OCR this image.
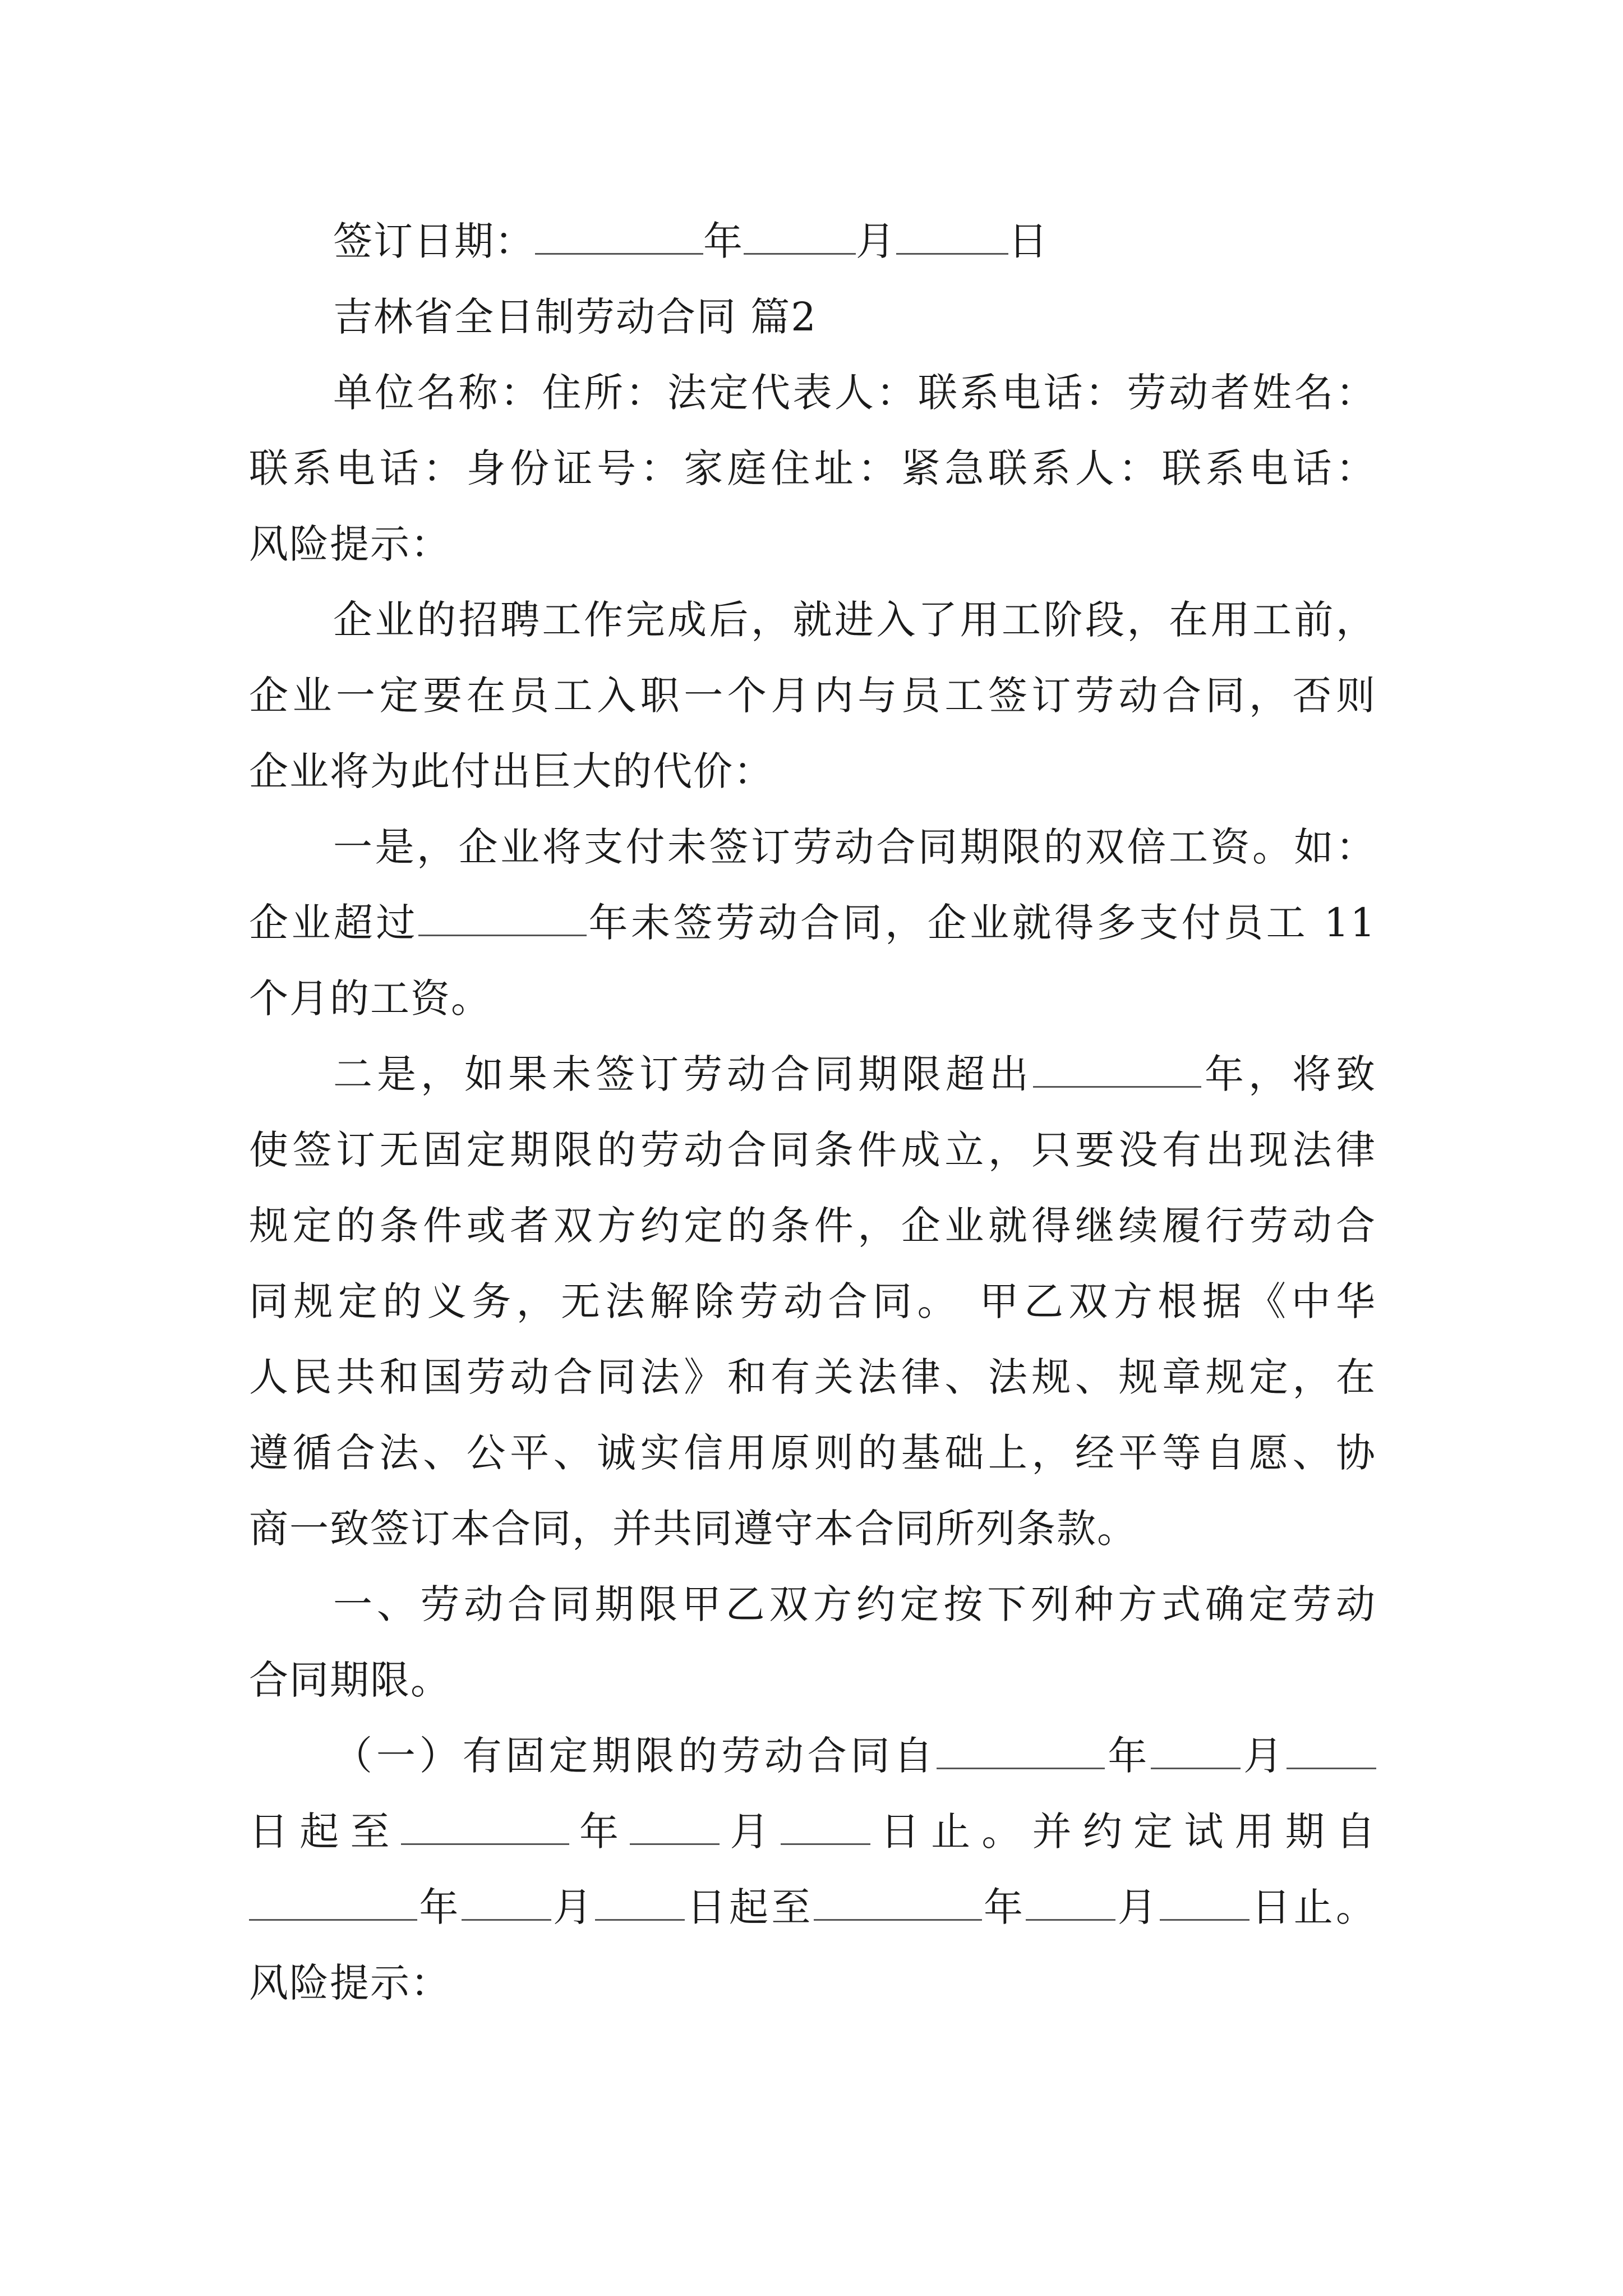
签订日期：	年	月	日
吉林省全日制劳动合同 篇2
单位名称：住所：法定代表人：联系电话：劳动者姓名：
联系电话：身份证号：家庭住址：紧急联系人：联系电话：
风险提示：
企业的招聘工作完成后，就进入了用工阶段，在用工前，
企业一定要在员工入职一个月内与员工签订劳动合同，否则
企业将为此付出巨大的代价：
一是，企业将支付未签订劳动合同期限的双倍工资。如：
企业超过	年未签劳动合同，企业就得多支付员工 11
个月的工资。
二是，如果未签订劳动合同期限超出	年，将致
使签订无固定期限的劳动合同条件成立，只要没有出现法律
规定的条件或者双方约定的条件，企业就得继续履行劳动合
同规定的义务，无法解除劳动合同。 甲乙双方根据《中华
人民共和国劳动合同法》和有关法律、法规、规章规定，在
遵循合法、公平、诚实信用原则的基础上，经平等自愿、协
商一致签订本合同，并共同遵守本合同所列条款。
一、劳动合同期限甲乙双方约定按下列种方式确定劳动
合同期限。
（一）有固定期限的劳动合同自	年 月
日起至	年 月 日止。并约定试用期自
年 月 日起至	年 月 日止。
风险提示：
